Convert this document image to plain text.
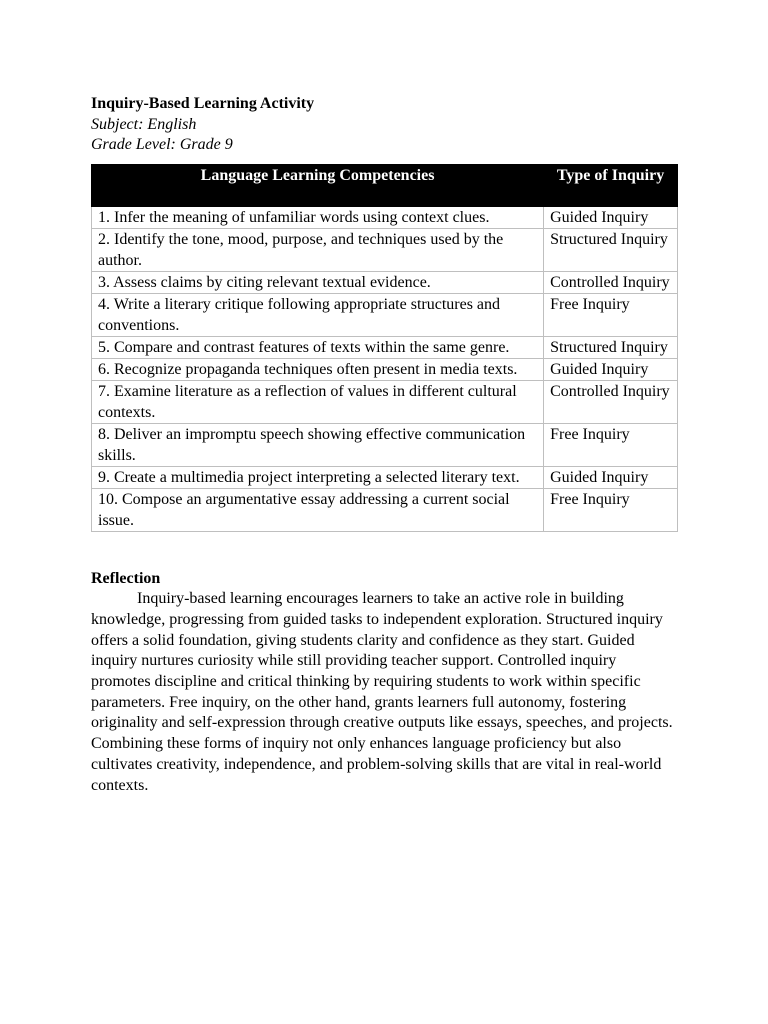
Inquiry-Based Learning Activity
Subject: English
Grade Level: Grade 9
Language Learning Competencies	Type of Inquiry
1. Infer the meaning of unfamiliar words using context clues.	Guided Inquiry
2. Identify the tone, mood, purpose, and techniques used by the author.	Structured Inquiry
3. Assess claims by citing relevant textual evidence.	Controlled Inquiry
4. Write a literary critique following appropriate structures and conventions.	Free Inquiry
5. Compare and contrast features of texts within the same genre.	Structured Inquiry
6. Recognize propaganda techniques often present in media texts.	Guided Inquiry
7. Examine literature as a reflection of values in different cultural contexts.	Controlled Inquiry
8. Deliver an impromptu speech showing effective communication skills.	Free Inquiry
9. Create a multimedia project interpreting a selected literary text.	Guided Inquiry
10. Compose an argumentative essay addressing a current social issue.	Free Inquiry
Reflection

Inquiry-based learning encourages learners to take an active role in building knowledge, progressing from guided tasks to independent exploration. Structured inquiry offers a solid foundation, giving students clarity and confidence as they start. Guided inquiry nurtures curiosity while still providing teacher support. Controlled inquiry promotes discipline and critical thinking by requiring students to work within specific parameters. Free inquiry, on the other hand, grants learners full autonomy, fostering originality and self-expression through creative outputs like essays, speeches, and projects. Combining these forms of inquiry not only enhances language proficiency but also cultivates creativity, independence, and problem-solving skills that are vital in real-world contexts.
